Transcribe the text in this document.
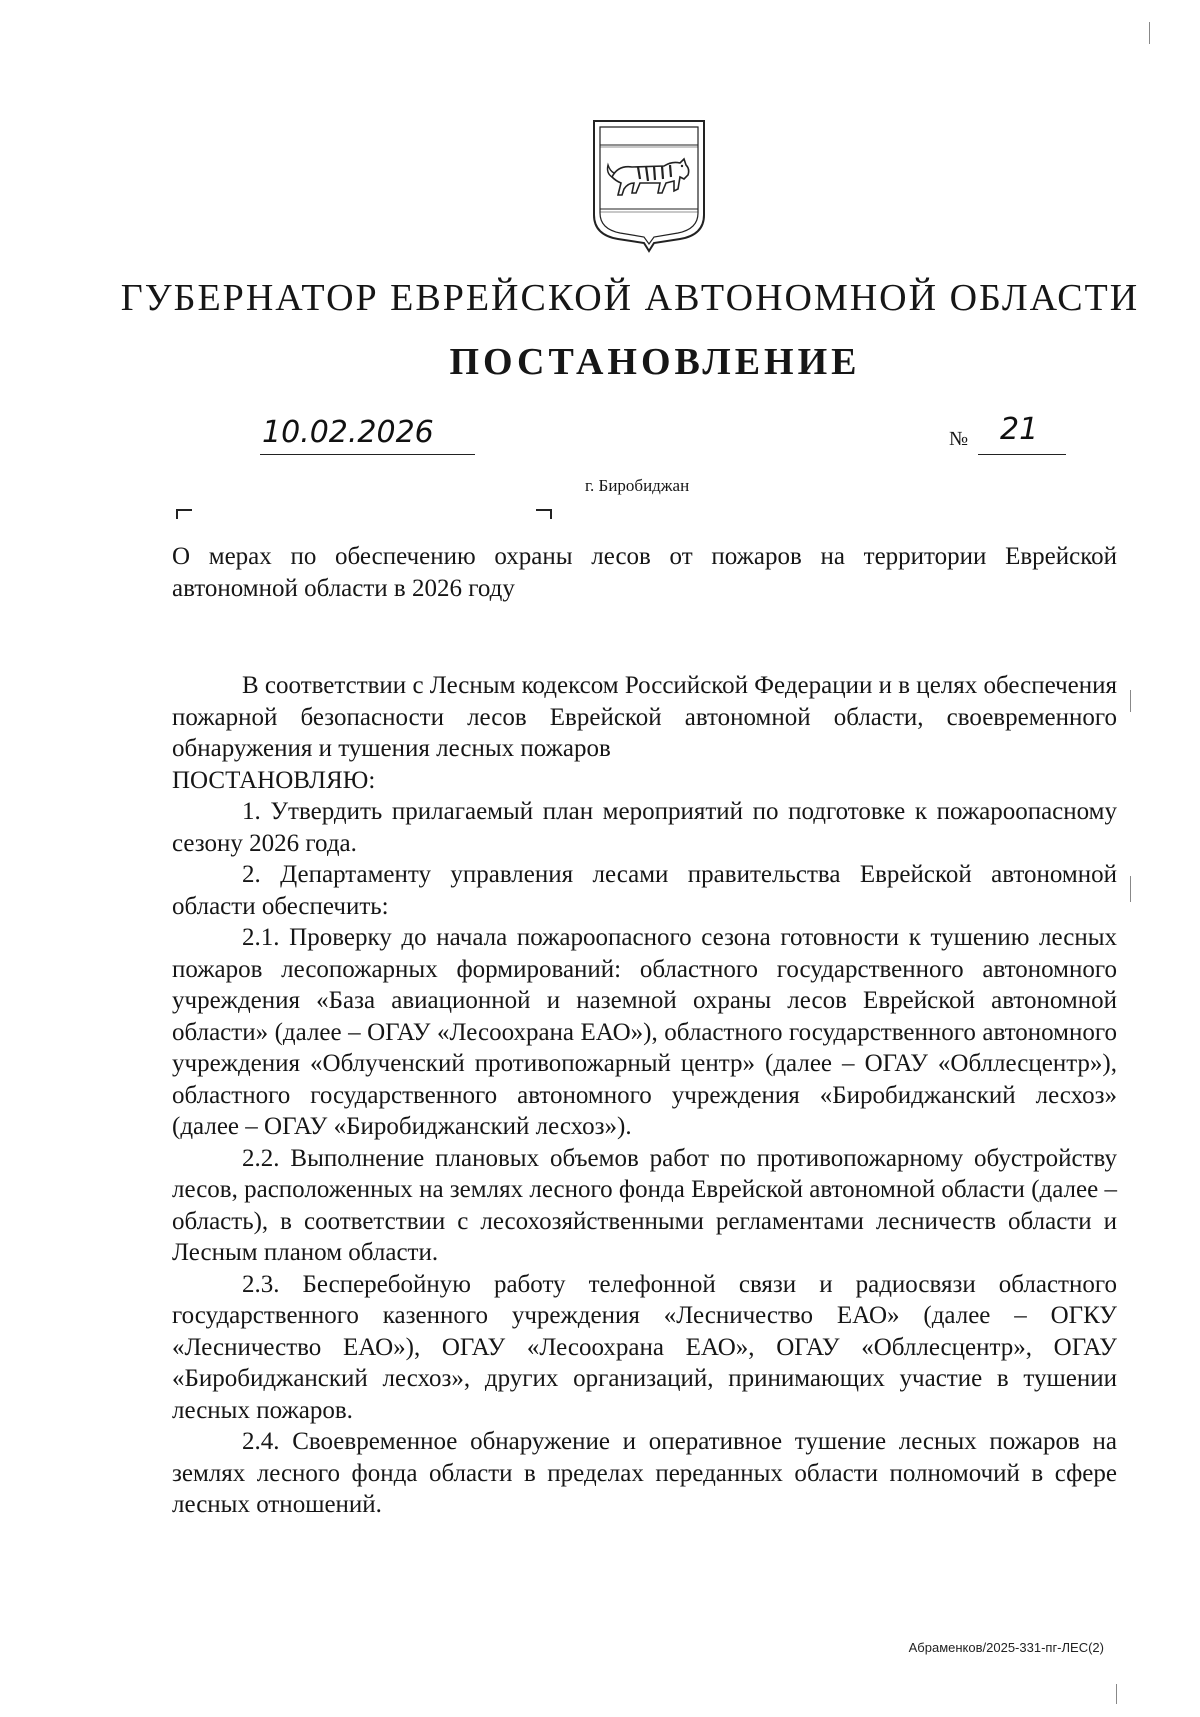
ГУБЕРНАТОР ЕВРЕЙСКОЙ АВТОНОМНОЙ ОБЛАСТИ
ПОСТАНОВЛЕНИЕ
10.02.2026	№ 21
г. Биробиджан

О мерах по обеспечению охраны лесов от пожаров на территории Еврейской автономной области в 2026 году

В соответствии с Лесным кодексом Российской Федерации и в целях обеспечения пожарной безопасности лесов Еврейской автономной области, своевременного обнаружения и тушения лесных пожаров

ПОСТАНОВЛЯЮ:

1. Утвердить прилагаемый план мероприятий по подготовке к пожароопасному сезону 2026 года.

2. Департаменту управления лесами правительства Еврейской автономной области обеспечить:

2.1. Проверку до начала пожароопасного сезона готовности к тушению лесных пожаров лесопожарных формирований: областного государственного автономного учреждения «База авиационной и наземной охраны лесов Еврейской автономной области» (далее – ОГАУ «Лесоохрана ЕАО»), областного государственного автономного учреждения «Облученский противопожарный центр» (далее – ОГАУ «Обллесцентр»), областного государственного автономного учреждения «Биробиджанский лесхоз» (далее – ОГАУ «Биробиджанский лесхоз»).

2.2. Выполнение плановых объемов работ по противопожарному обустройству лесов, расположенных на землях лесного фонда Еврейской автономной области (далее – область), в соответствии с лесохозяйственными регламентами лесничеств области и Лесным планом области.

2.3. Бесперебойную работу телефонной связи и радиосвязи областного государственного казенного учреждения «Лесничество ЕАО» (далее – ОГКУ «Лесничество ЕАО»), ОГАУ «Лесоохрана ЕАО», ОГАУ «Обллесцентр», ОГАУ «Биробиджанский лесхоз», других организаций, принимающих участие в тушении лесных пожаров.

2.4. Своевременное обнаружение и оперативное тушение лесных пожаров на землях лесного фонда области в пределах переданных области полномочий в сфере лесных отношений.

Абраменков/2025-331-пг-ЛЕС(2)
